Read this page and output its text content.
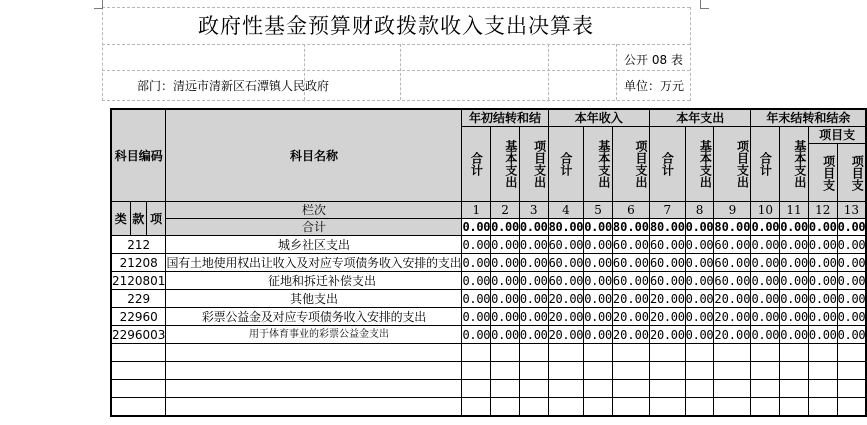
政府性基金预算财政拨款收入支出决算表
公开 08 表
部门：清远市清新区石潭镇人民政府	单位：万元
科目编码			科目名称	年初结转和结			本年收入			本年支出			年末结转和结余			
				合计	基本支出	项目支出	合计	基本支出	项目支出	合计	基本支出	项目支出	合计	基本支出	项目支	
															项目支	项目支
类	款	项	栏次	1	2	3	4	5	6	7	8	9	10	11	12	13
			合计	0.00	0.00	0.00	80.00	0.00	80.00	80.00	0.00	80.00	0.00	0.00	0.00	0.00
212			城乡社区支出	0.00	0.00	0.00	60.00	0.00	60.00	60.00	0.00	60.00	0.00	0.00	0.00	0.00
21208			国有土地使用权出让收入及对应专项债务收入安排的支出	0.00	0.00	0.00	60.00	0.00	60.00	60.00	0.00	60.00	0.00	0.00	0.00	0.00
2120801			征地和拆迁补偿支出	0.00	0.00	0.00	60.00	0.00	60.00	60.00	0.00	60.00	0.00	0.00	0.00	0.00
229			其他支出	0.00	0.00	0.00	20.00	0.00	20.00	20.00	0.00	20.00	0.00	0.00	0.00	0.00
22960			彩票公益金及对应专项债务收入安排的支出	0.00	0.00	0.00	20.00	0.00	20.00	20.00	0.00	20.00	0.00	0.00	0.00	0.00
2296003			用于体育事业的彩票公益金支出	0.00	0.00	0.00	20.00	0.00	20.00	20.00	0.00	20.00	0.00	0.00	0.00	0.00
